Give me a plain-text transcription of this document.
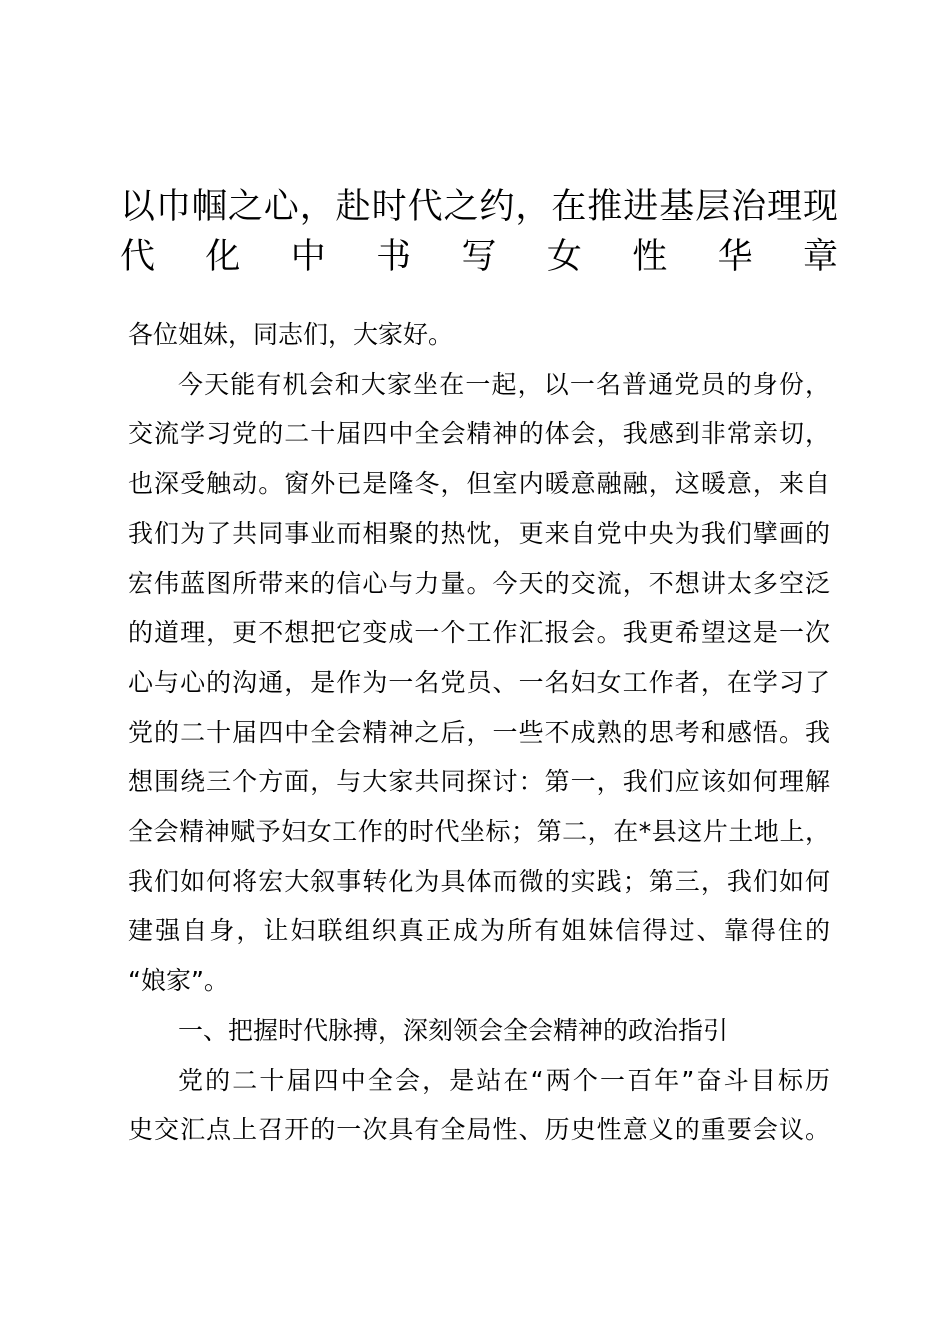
以巾帼之心，赴时代之约，在推进基层治理现
代化中书写女性华章
各位姐妹，同志们，大家好。
今天能有机会和大家坐在一起，以一名普通党员的身份，
交流学习党的二十届四中全会精神的体会，我感到非常亲切，
也深受触动。窗外已是隆冬，但室内暖意融融，这暖意，来自
我们为了共同事业而相聚的热忱，更来自党中央为我们擘画的
宏伟蓝图所带来的信心与力量。今天的交流，不想讲太多空泛
的道理，更不想把它变成一个工作汇报会。我更希望这是一次
心与心的沟通，是作为一名党员、一名妇女工作者，在学习了
党的二十届四中全会精神之后，一些不成熟的思考和感悟。我
想围绕三个方面，与大家共同探讨：第一，我们应该如何理解
全会精神赋予妇女工作的时代坐标；第二，在*县这片土地上，
我们如何将宏大叙事转化为具体而微的实践；第三，我们如何
建强自身，让妇联组织真正成为所有姐妹信得过、靠得住的
“娘家”。
一、把握时代脉搏，深刻领会全会精神的政治指引
党的二十届四中全会，是站在“两个一百年”奋斗目标历
史交汇点上召开的一次具有全局性、历史性意义的重要会议。
